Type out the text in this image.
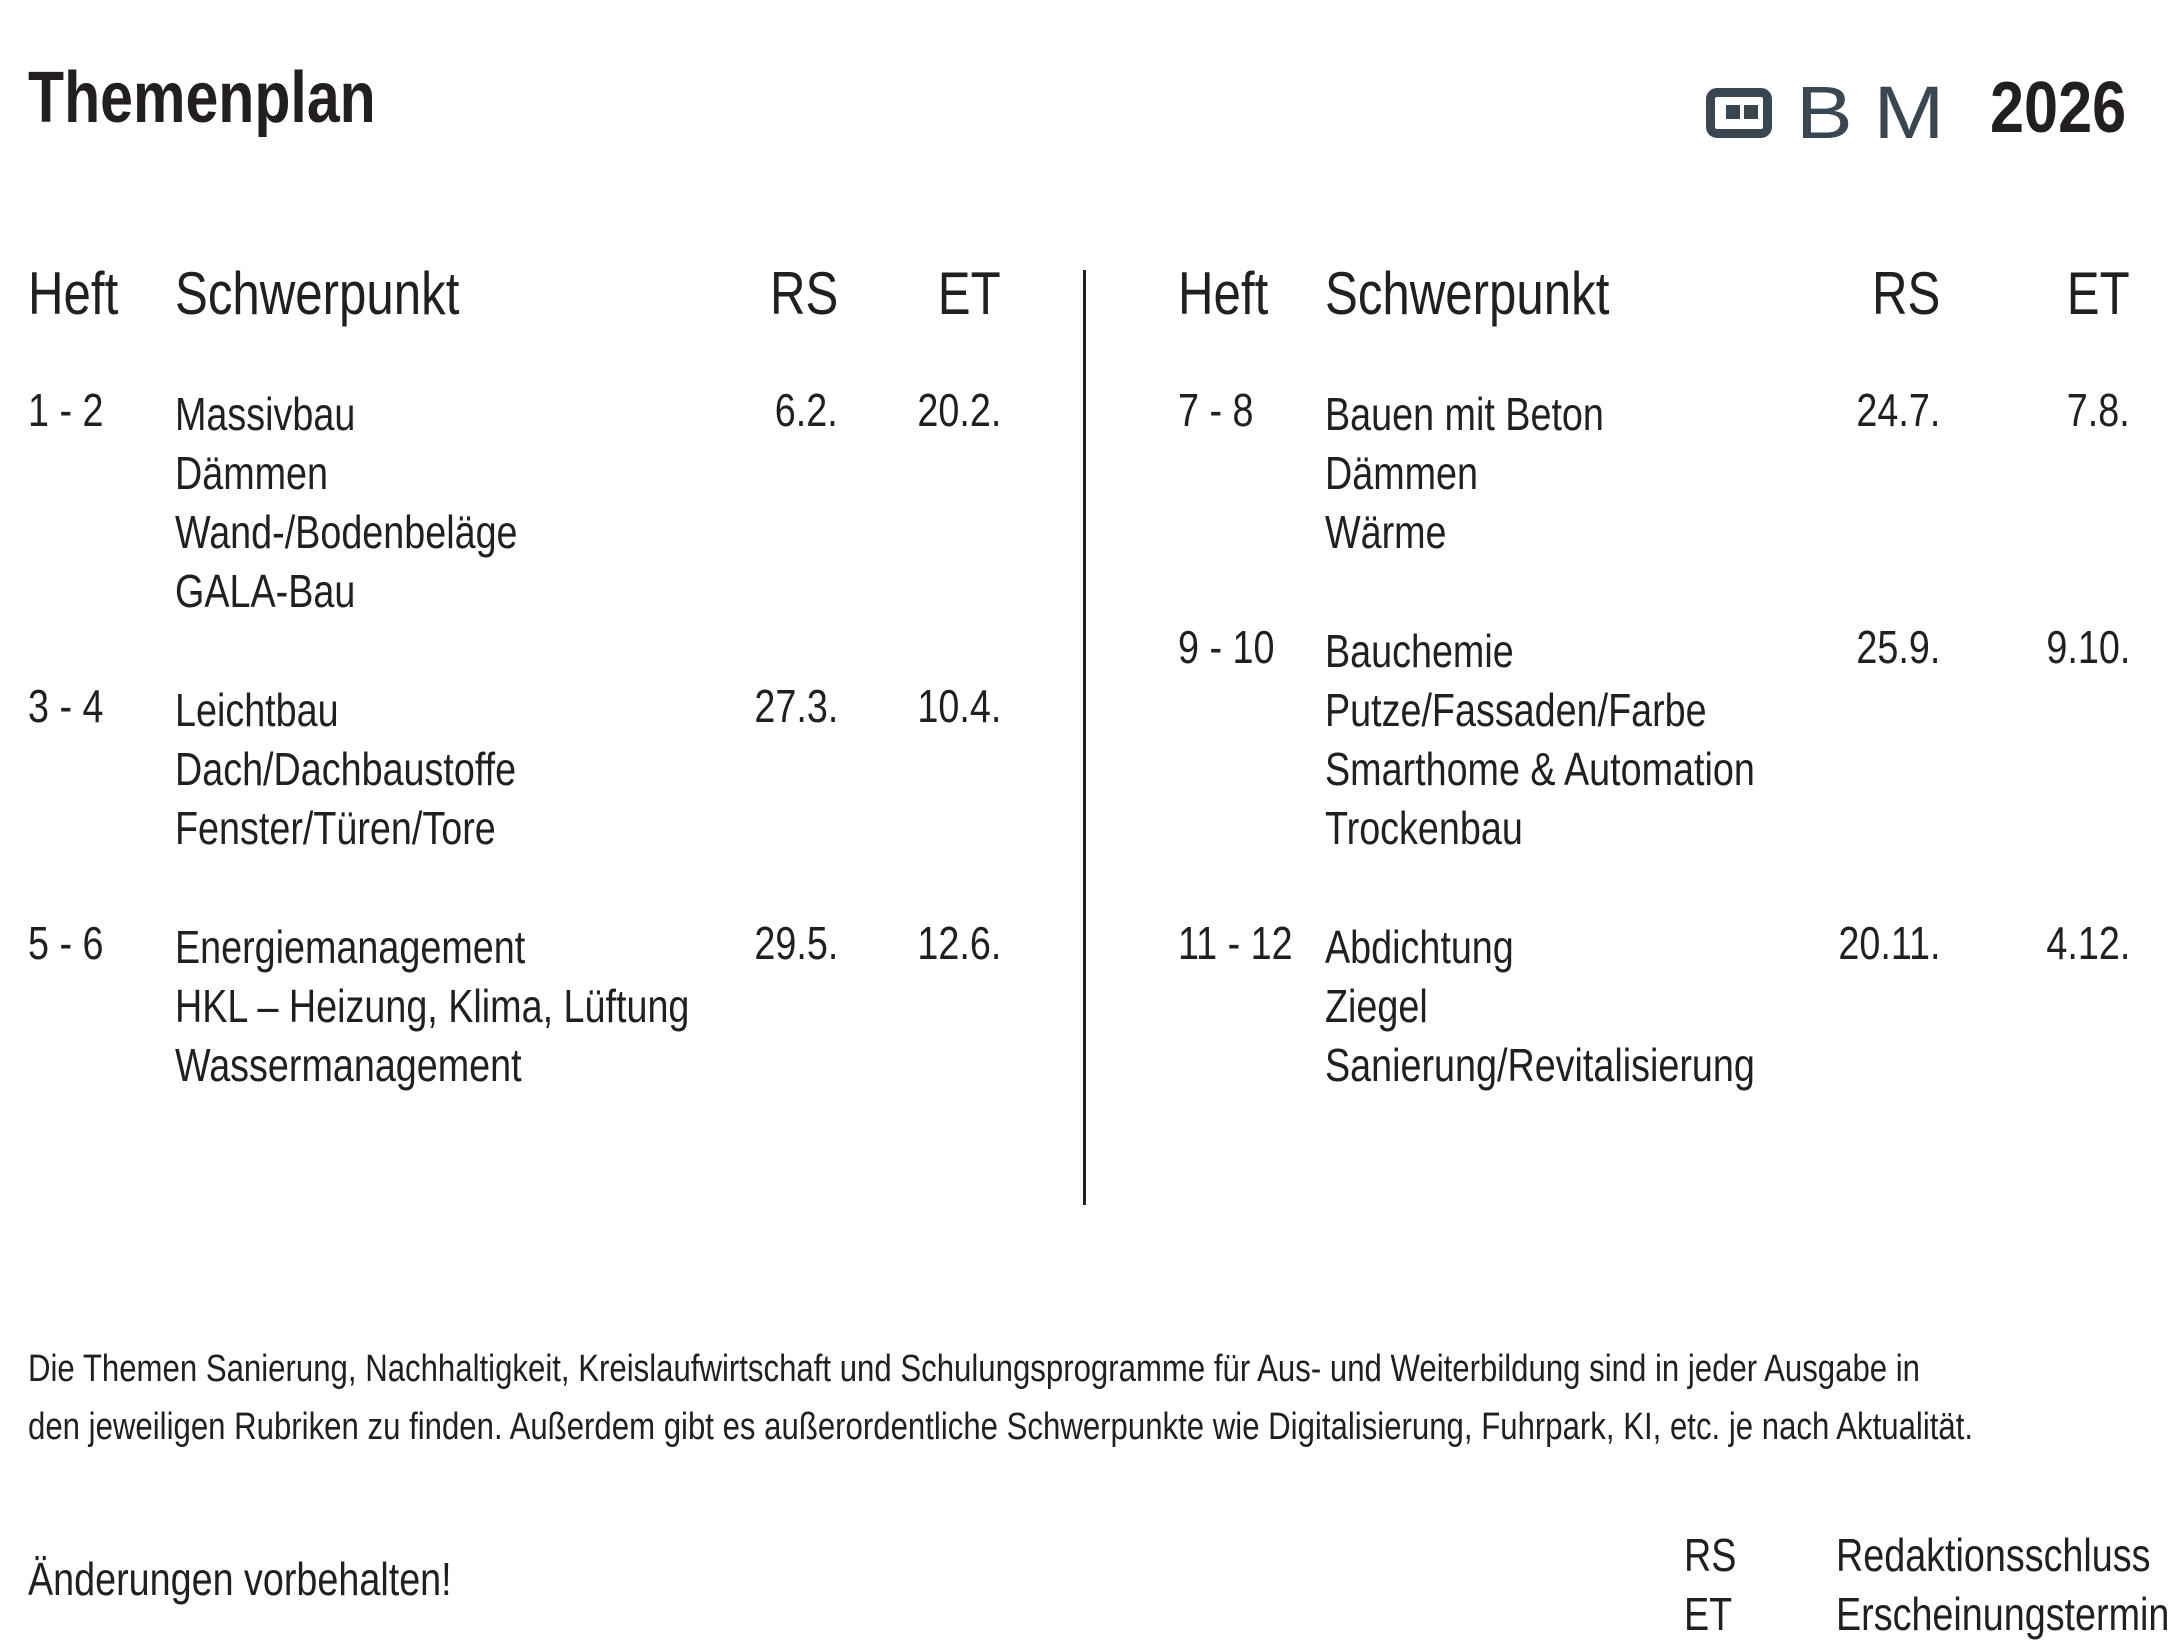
Themenplan	BM 2026
Heft Schwerpunkt	RS ET	Heft Schwerpunkt	RS ET
1 - 2 Massivbau
Dämmen
Wand-/Bodenbeläge
GALA-Bau
6.2. 20.2.
3 - 4 Leichtbau
Dach/Dachbaustoffe
Fenster/Türen/Tore
27.3. 10.4.
5 - 6 Energiemanagement
HKL – Heizung, Klima, Lüftung
Wassermanagement
29.5. 12.6.
7 - 8 Bauen mit Beton
Dämmen
Wärme
24.7.	7.8.
9 - 10 Bauchemie
Putze/Fassaden/Farbe
Smarthome & Automation
Trockenbau
25.9. 9.10.
11 - 12 Abdichtung
Ziegel
Sanierung/Revitalisierung
20.11. 4.12.
Die Themen Sanierung, Nachhaltigkeit, Kreislaufwirtschaft und Schulungsprogramme für Aus- und Weiterbildung sind in jeder Ausgabe in
den jeweiligen Rubriken zu finden. Außerdem gibt es außerordentliche Schwerpunkte wie Digitalisierung, Fuhrpark, KI, etc. je nach Aktualität.
Änderungen vorbehalten!	RS Redaktionsschluss
ET Erscheinungstermin
